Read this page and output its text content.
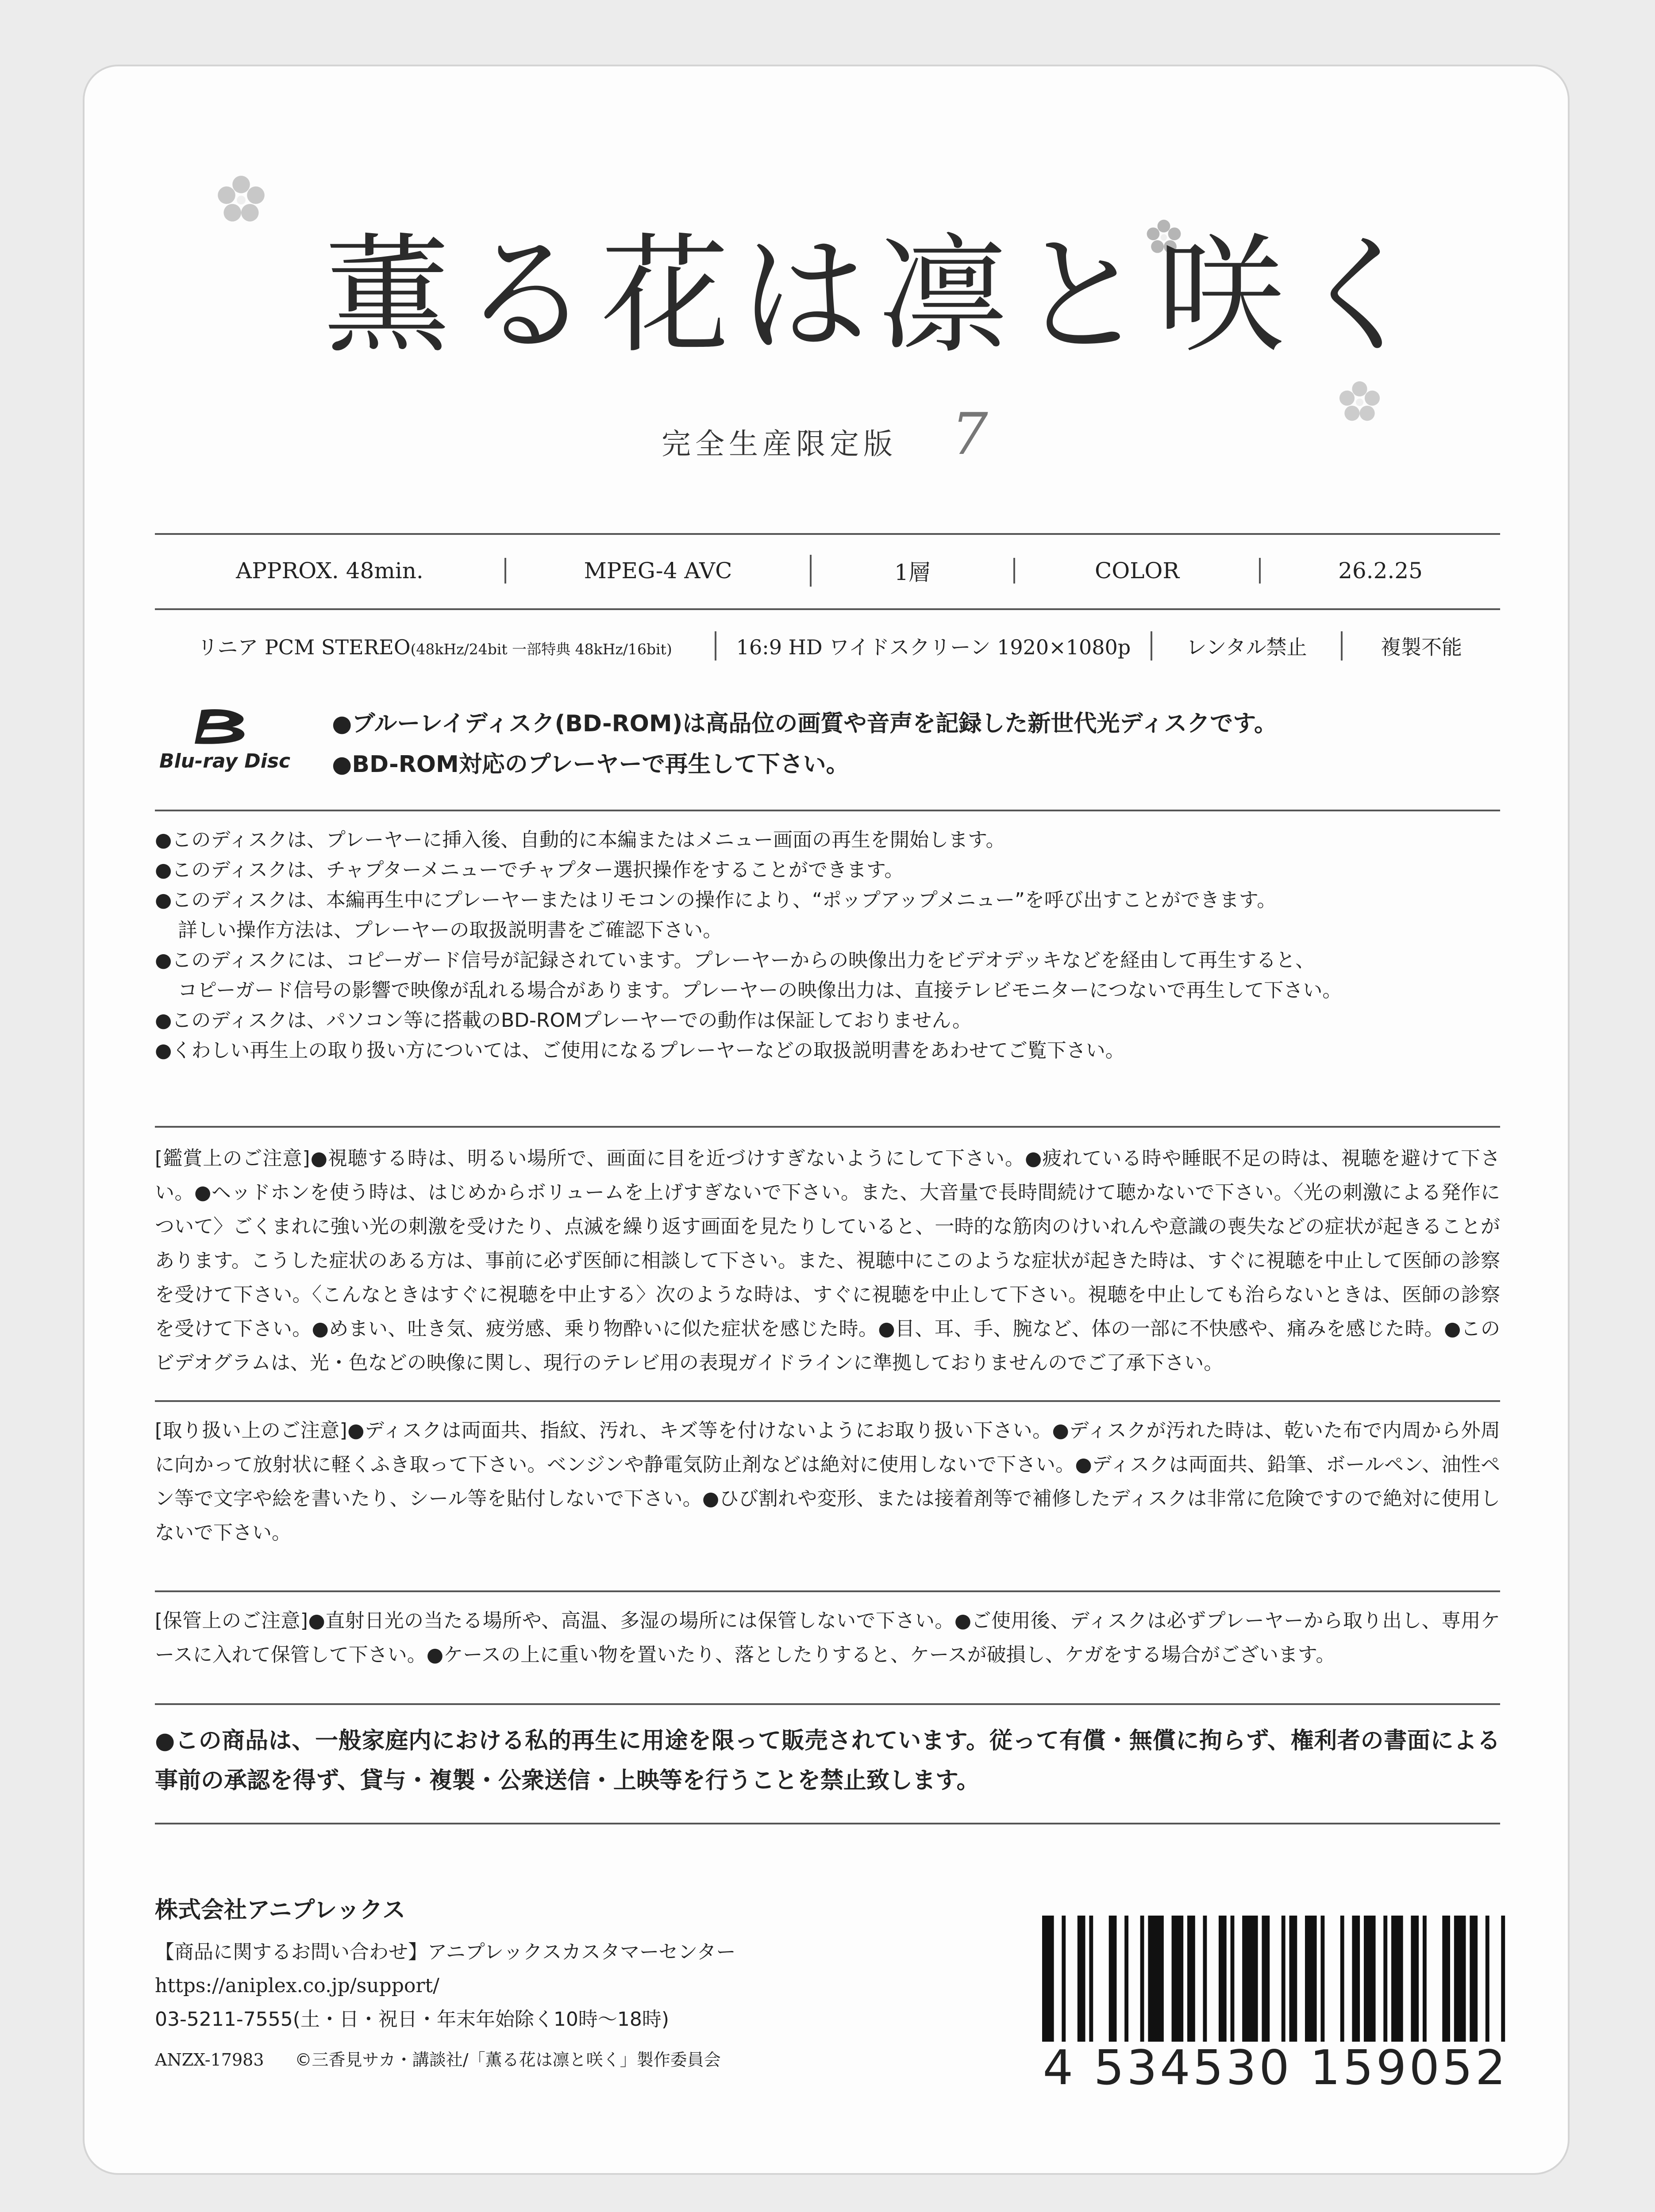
薫る花は凛と咲く
完全生産限定版 7
APPROX. 48min.	MPEG-4 AVC	1層	COLOR	26.2.25
リニア PCM STEREO(48kHz/24bit 一部特典 48kHz/16bit)	16:9 HD ワイドスクリーン 1920×1080p	レンタル禁止	複製不能
Blu-ray Disc
●ブルーレイディスク(BD-ROM)は高品位の画質や音声を記録した新世代光ディスクです。
●BD-ROM対応のプレーヤーで再生して下さい。
●このディスクは、プレーヤーに挿入後、自動的に本編またはメニュー画面の再生を開始します。
●このディスクは、チャプターメニューでチャプター選択操作をすることができます。
●このディスクは、本編再生中にプレーヤーまたはリモコンの操作により、“ポップアップメニュー”を呼び出すことができます。
詳しい操作方法は、プレーヤーの取扱説明書をご確認下さい。
●このディスクには、コピーガード信号が記録されています。プレーヤーからの映像出力をビデオデッキなどを経由して再生すると、
コピーガード信号の影響で映像が乱れる場合があります。プレーヤーの映像出力は、直接テレビモニターにつないで再生して下さい。
●このディスクは、パソコン等に搭載のBD-ROMプレーヤーでの動作は保証しておりません。
●くわしい再生上の取り扱い方については、ご使用になるプレーヤーなどの取扱説明書をあわせてご覧下さい。
[鑑賞上のご注意]●視聴する時は、明るい場所で、画面に目を近づけすぎないようにして下さい。●疲れている時や睡眠不足の時は、視聴を避けて下さい。●ヘッドホンを使う時は、はじめからボリュームを上げすぎないで下さい。また、大音量で長時間続けて聴かないで下さい。〈光の刺激による発作について〉ごくまれに強い光の刺激を受けたり、点滅を繰り返す画面を見たりしていると、一時的な筋肉のけいれんや意識の喪失などの症状が起きることがあります。こうした症状のある方は、事前に必ず医師に相談して下さい。また、視聴中にこのような症状が起きた時は、すぐに視聴を中止して医師の診察を受けて下さい。〈こんなときはすぐに視聴を中止する〉次のような時は、すぐに視聴を中止して下さい。視聴を中止しても治らないときは、医師の診察を受けて下さい。●めまい、吐き気、疲労感、乗り物酔いに似た症状を感じた時。●目、耳、手、腕など、体の一部に不快感や、痛みを感じた時。●このビデオグラムは、光・色などの映像に関し、現行のテレビ用の表現ガイドラインに準拠しておりませんのでご了承下さい。
[取り扱い上のご注意]●ディスクは両面共、指紋、汚れ、キズ等を付けないようにお取り扱い下さい。●ディスクが汚れた時は、乾いた布で内周から外周に向かって放射状に軽くふき取って下さい。ベンジンや静電気防止剤などは絶対に使用しないで下さい。●ディスクは両面共、鉛筆、ボールペン、油性ペン等で文字や絵を書いたり、シール等を貼付しないで下さい。●ひび割れや変形、または接着剤等で補修したディスクは非常に危険ですので絶対に使用しないで下さい。
[保管上のご注意]●直射日光の当たる場所や、高温、多湿の場所には保管しないで下さい。●ご使用後、ディスクは必ずプレーヤーから取り出し、専用ケースに入れて保管して下さい。●ケースの上に重い物を置いたり、落としたりすると、ケースが破損し、ケガをする場合がございます。
●この商品は、一般家庭内における私的再生に用途を限って販売されています。従って有償・無償に拘らず、権利者の書面による事前の承認を得ず、貸与・複製・公衆送信・上映等を行うことを禁止致します。
株式会社アニプレックス
【商品に関するお問い合わせ】アニプレックスカスタマーセンター
https://aniplex.co.jp/support/
03-5211-7555(土・日・祝日・年末年始除く10時〜18時)
ANZX-17983 ©三香見サカ・講談社/「薫る花は凛と咲く」製作委員会	4 534530 159052
